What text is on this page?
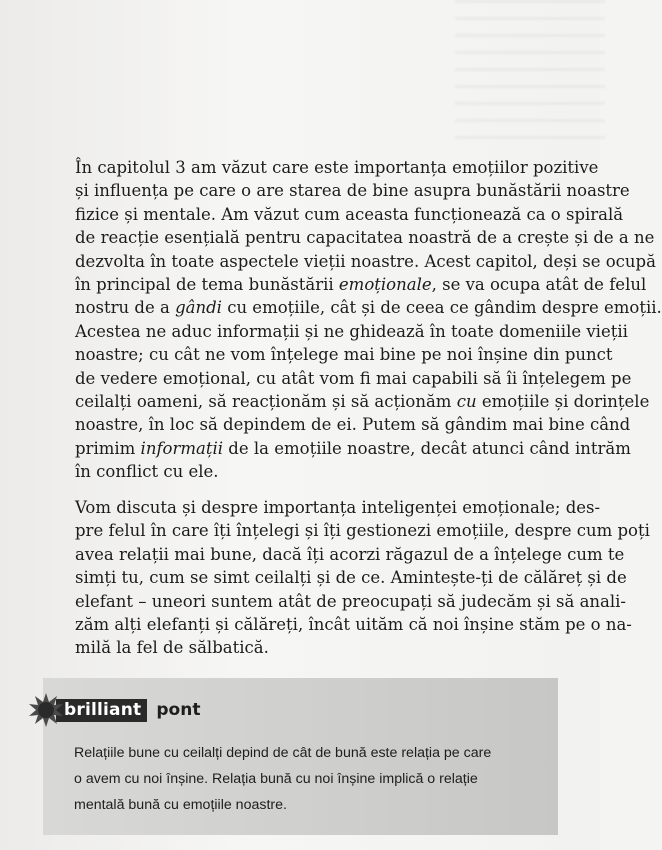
În capitolul 3 am văzut care este importanța emoțiilor pozitive
și influența pe care o are starea de bine asupra bunăstării noastre
fizice și mentale. Am văzut cum aceasta funcționează ca o spirală
de reacție esențială pentru capacitatea noastră de a crește și de a ne
dezvolta în toate aspectele vieții noastre. Acest capitol, deși se ocupă
în principal de tema bunăstării emoționale, se va ocupa atât de felul
nostru de a gândi cu emoțiile, cât și de ceea ce gândim despre emoții.
Acestea ne aduc informații și ne ghidează în toate domeniile vieții
noastre; cu cât ne vom înțelege mai bine pe noi înșine din punct
de vedere emoțional, cu atât vom fi mai capabili să îi înțelegem pe
ceilalți oameni, să reacționăm și să acționăm cu emoțiile și dorințele
noastre, în loc să depindem de ei. Putem să gândim mai bine când
primim informații de la emoțiile noastre, decât atunci când intrăm
în conflict cu ele.
Vom discuta și despre importanța inteligenței emoționale; des-
pre felul în care îți înțelegi și îți gestionezi emoțiile, despre cum poți
avea relații mai bune, dacă îți acorzi răgazul de a înțelege cum te
simți tu, cum se simt ceilalți și de ce. Amintește-ți de călăreț și de
elefant – uneori suntem atât de preocupați să judecăm și să anali-
zăm alți elefanți și călăreți, încât uităm că noi înșine stăm pe o na-
milă la fel de sălbatică.
brilliant pont
Relațiile bune cu ceilalți depind de cât de bună este relația pe care
o avem cu noi înșine. Relația bună cu noi înșine implică o relație
mentală bună cu emoțiile noastre.
